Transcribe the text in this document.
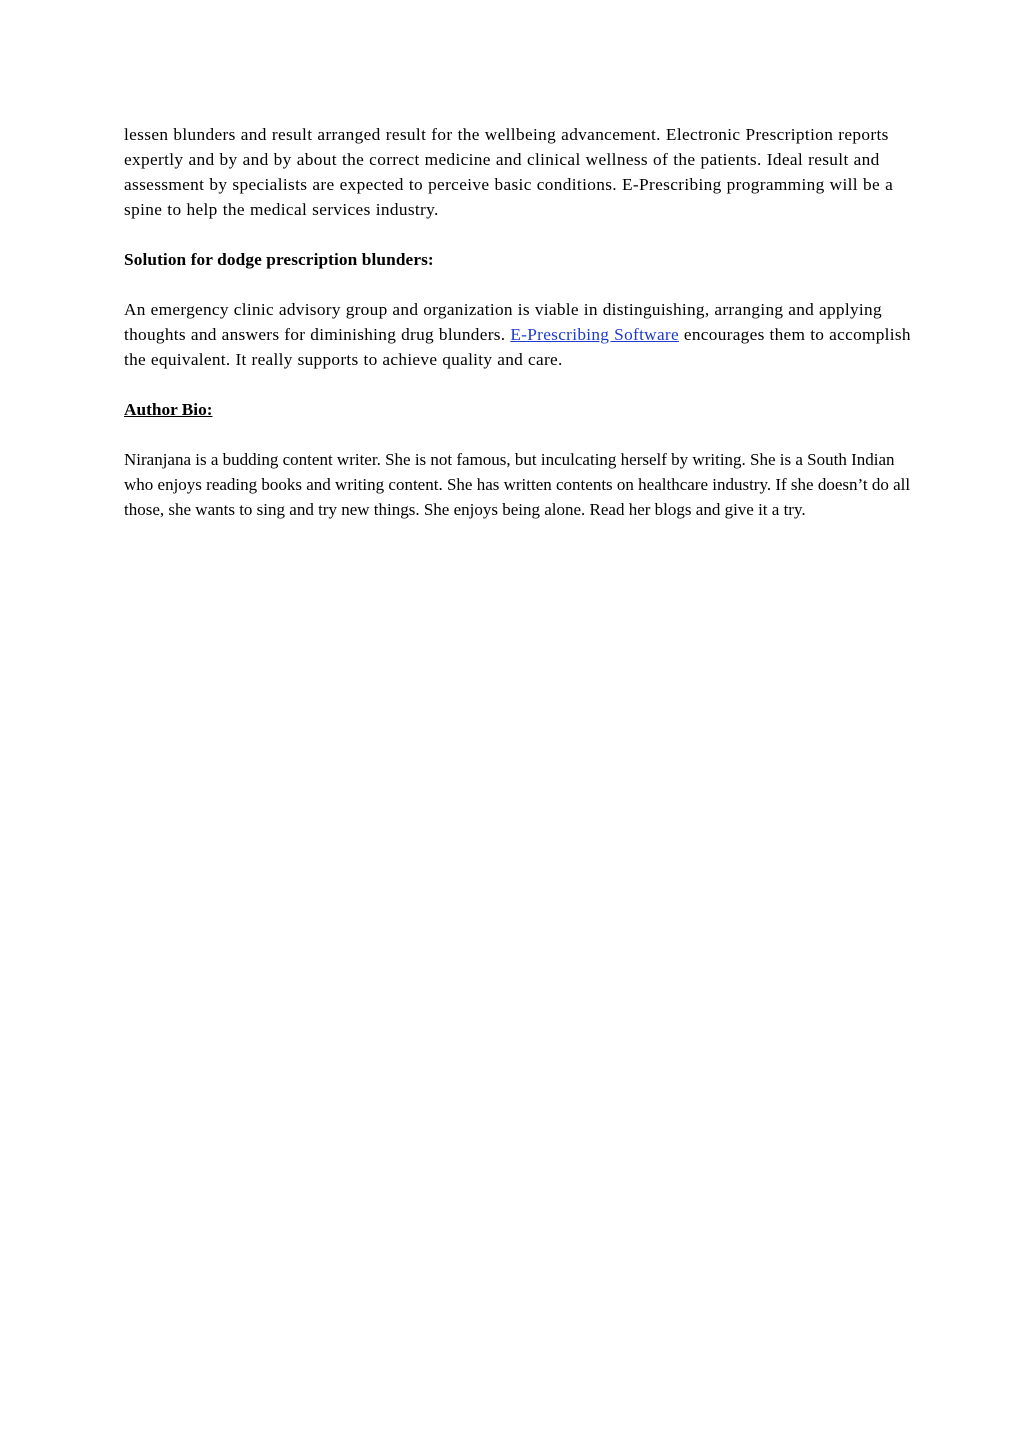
lessen blunders and result arranged result for the wellbeing advancement. Electronic Prescription reports expertly and by and by about the correct medicine and clinical wellness of the patients. Ideal result and assessment by specialists are expected to perceive basic conditions. E-Prescribing programming will be a spine to help the medical services industry.

Solution for dodge prescription blunders:

An emergency clinic advisory group and organization is viable in distinguishing, arranging and applying thoughts and answers for diminishing drug blunders. E-Prescribing Software encourages them to accomplish the equivalent. It really supports to achieve quality and care.

Author Bio:

Niranjana is a budding content writer. She is not famous, but inculcating herself by writing. She is a South Indian who enjoys reading books and writing content. She has written contents on healthcare industry. If she doesn’t do all those, she wants to sing and try new things. She enjoys being alone. Read her blogs and give it a try.
